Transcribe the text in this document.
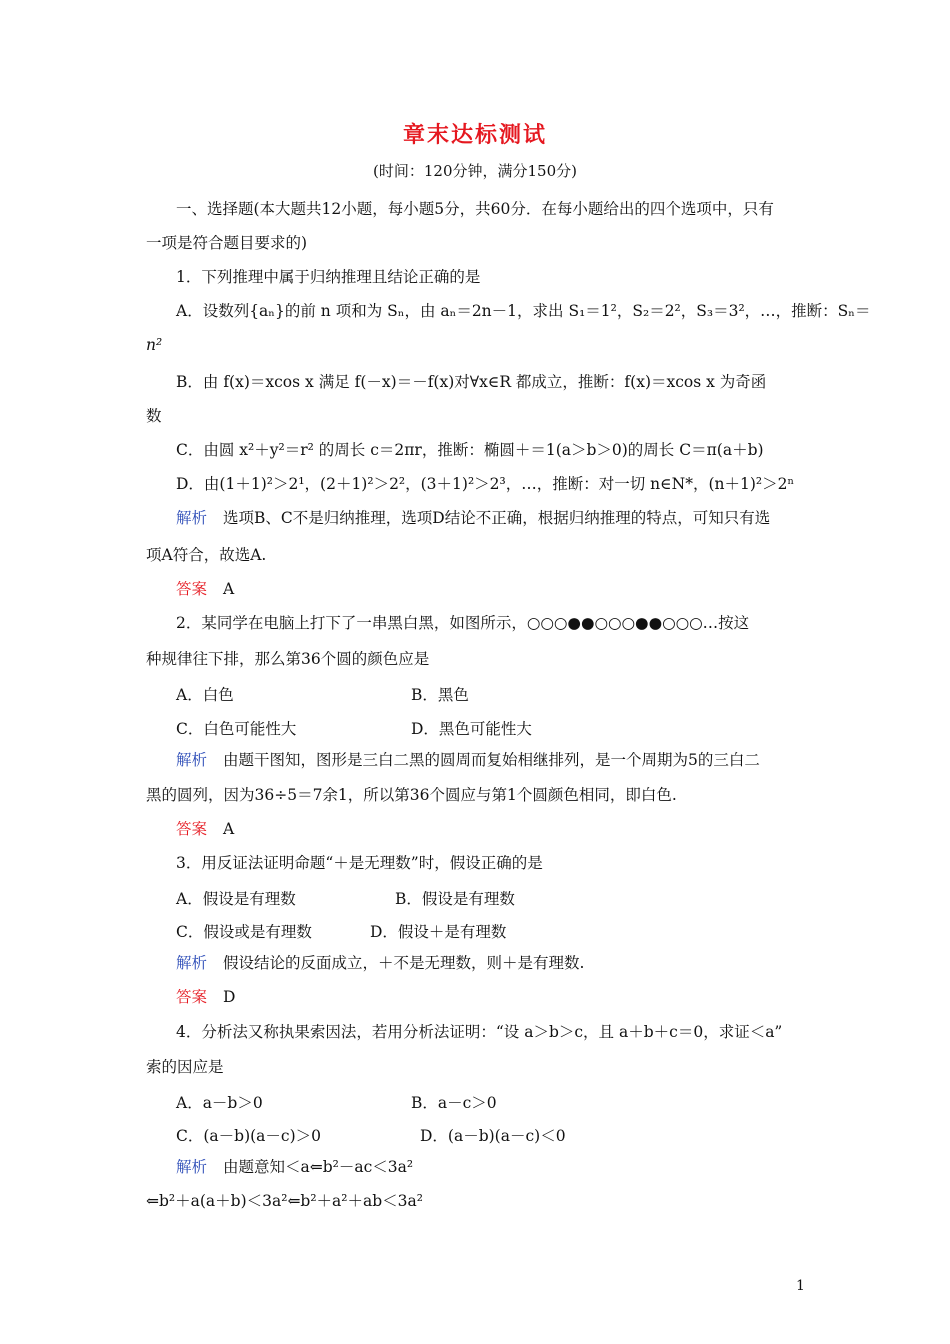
章末达标测试
(时间：120分钟，满分150分)
一、选择题(本大题共12小题，每小题5分，共60分．在每小题给出的四个选项中，只有
一项是符合题目要求的)
1．下列推理中属于归纳推理且结论正确的是
A．设数列{aₙ}的前 n 项和为 Sₙ，由 aₙ＝2n－1，求出 S₁＝1²，S₂＝2²，S₃＝3²，…，推断：Sₙ＝
n²
B．由 f(x)＝xcos x 满足 f(－x)＝－f(x)对∀x∈R 都成立，推断：f(x)＝xcos x 为奇函
数
C．由圆 x²＋y²＝r² 的周长 c＝2πr，推断：椭圆＋＝1(a＞b＞0)的周长 C＝π(a＋b)
D．由(1＋1)²＞2¹，(2＋1)²＞2²，(3＋1)²＞2³，…，推断：对一切 n∈N*，(n＋1)²＞2ⁿ
解析 选项B、C不是归纳推理，选项D结论不正确，根据归纳推理的特点，可知只有选
项A符合，故选A.
答案 A
2．某同学在电脑上打下了一串黑白黑，如图所示，○○○●●○○○●●○○○…按这
种规律往下排，那么第36个圆的颜色应是
A．白色	B．黑色
C．白色可能性大	D．黑色可能性大
解析 由题干图知，图形是三白二黑的圆周而复始相继排列，是一个周期为5的三白二
黑的圆列，因为36÷5＝7余1，所以第36个圆应与第1个圆颜色相同，即白色.
答案 A
3．用反证法证明命题“＋是无理数”时，假设正确的是
A．假设是有理数	B．假设是有理数
C．假设或是有理数	D．假设＋是有理数
解析 假设结论的反面成立，＋不是无理数，则＋是有理数.
答案 D
4．分析法又称执果索因法，若用分析法证明：“设 a＞b＞c，且 a＋b＋c＝0，求证＜a”
索的因应是
A．a－b＞0	B．a－c＞0
C．(a－b)(a－c)＞0	D．(a－b)(a－c)＜0
解析 由题意知＜a⇐b²－ac＜3a²
⇐b²＋a(a＋b)＜3a²⇐b²＋a²＋ab＜3a²
1
